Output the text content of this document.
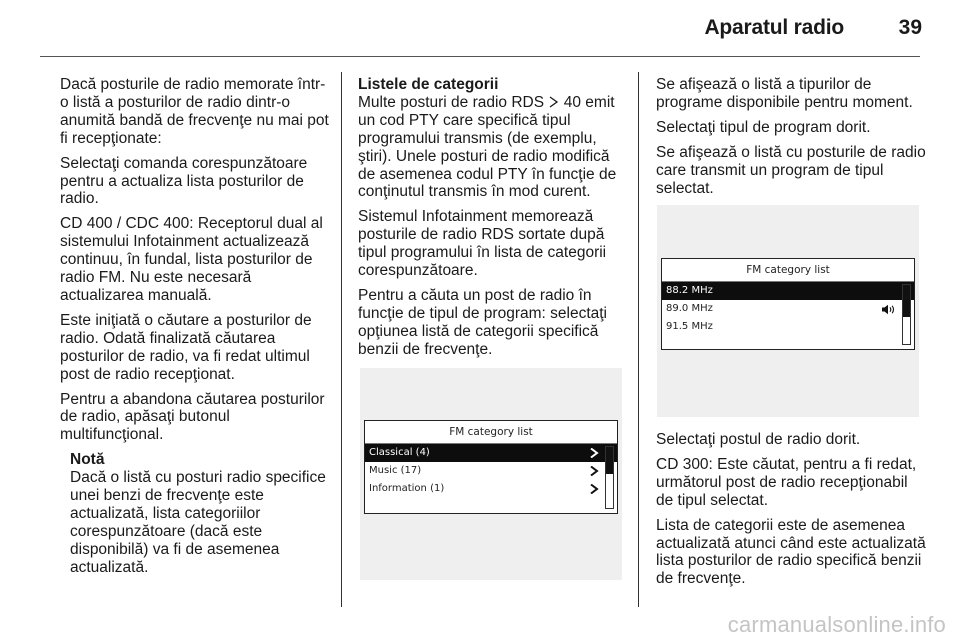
Aparatul radio	39

Dacă posturile de radio memorate într-o listă a posturilor de radio dintr-o anumită bandă de frecvenţe nu mai pot fi recepţionate:

Selectaţi comanda corespunzătoare pentru a actualiza lista posturilor de radio.

CD 400 / CDC 400: Receptorul dual al sistemului Infotainment actualizează continuu, în fundal, lista posturilor de radio FM. Nu este necesară actualizarea manuală.

Este iniţiată o căutare a posturilor de radio. Odată finalizată căutarea posturilor de radio, va fi redat ultimul post de radio recepţionat.

Pentru a abandona căutarea posturilor de radio, apăsaţi butonul multifuncţional.

Notă

Dacă o listă cu posturi radio specifice unei benzi de frecvenţe este actualizată, lista categoriilor corespunzătoare (dacă este disponibilă) va fi de asemenea actualizată.

Listele de categorii

Multe posturi de radio RDS 40 emit un cod PTY care specifică tipul programului transmis (de exemplu, ştiri). Unele posturi de radio modifică de asemenea codul PTY în funcţie de conţinutul transmis în mod curent.

Sistemul Infotainment memorează posturile de radio RDS sortate după tipul programului în lista de categorii corespunzătoare.

Pentru a căuta un post de radio în funcţie de tipul de program: selectaţi opţiunea listă de categorii specifică benzii de frecvenţe.

FM category list
Classical (4)
Music (17)
Information (1)

Se afişează o listă a tipurilor de programe disponibile pentru moment.

Selectaţi tipul de program dorit.

Se afişează o listă cu posturile de radio care transmit un program de tipul selectat.

FM category list
88.2 MHz
89.0 MHz
91.5 MHz

Selectaţi postul de radio dorit.

CD 300: Este căutat, pentru a fi redat, următorul post de radio recepţionabil de tipul selectat.

Lista de categorii este de asemenea actualizată atunci când este actualizată lista posturilor de radio specifică benzii de frecvenţe.

carmanualsonline.info
